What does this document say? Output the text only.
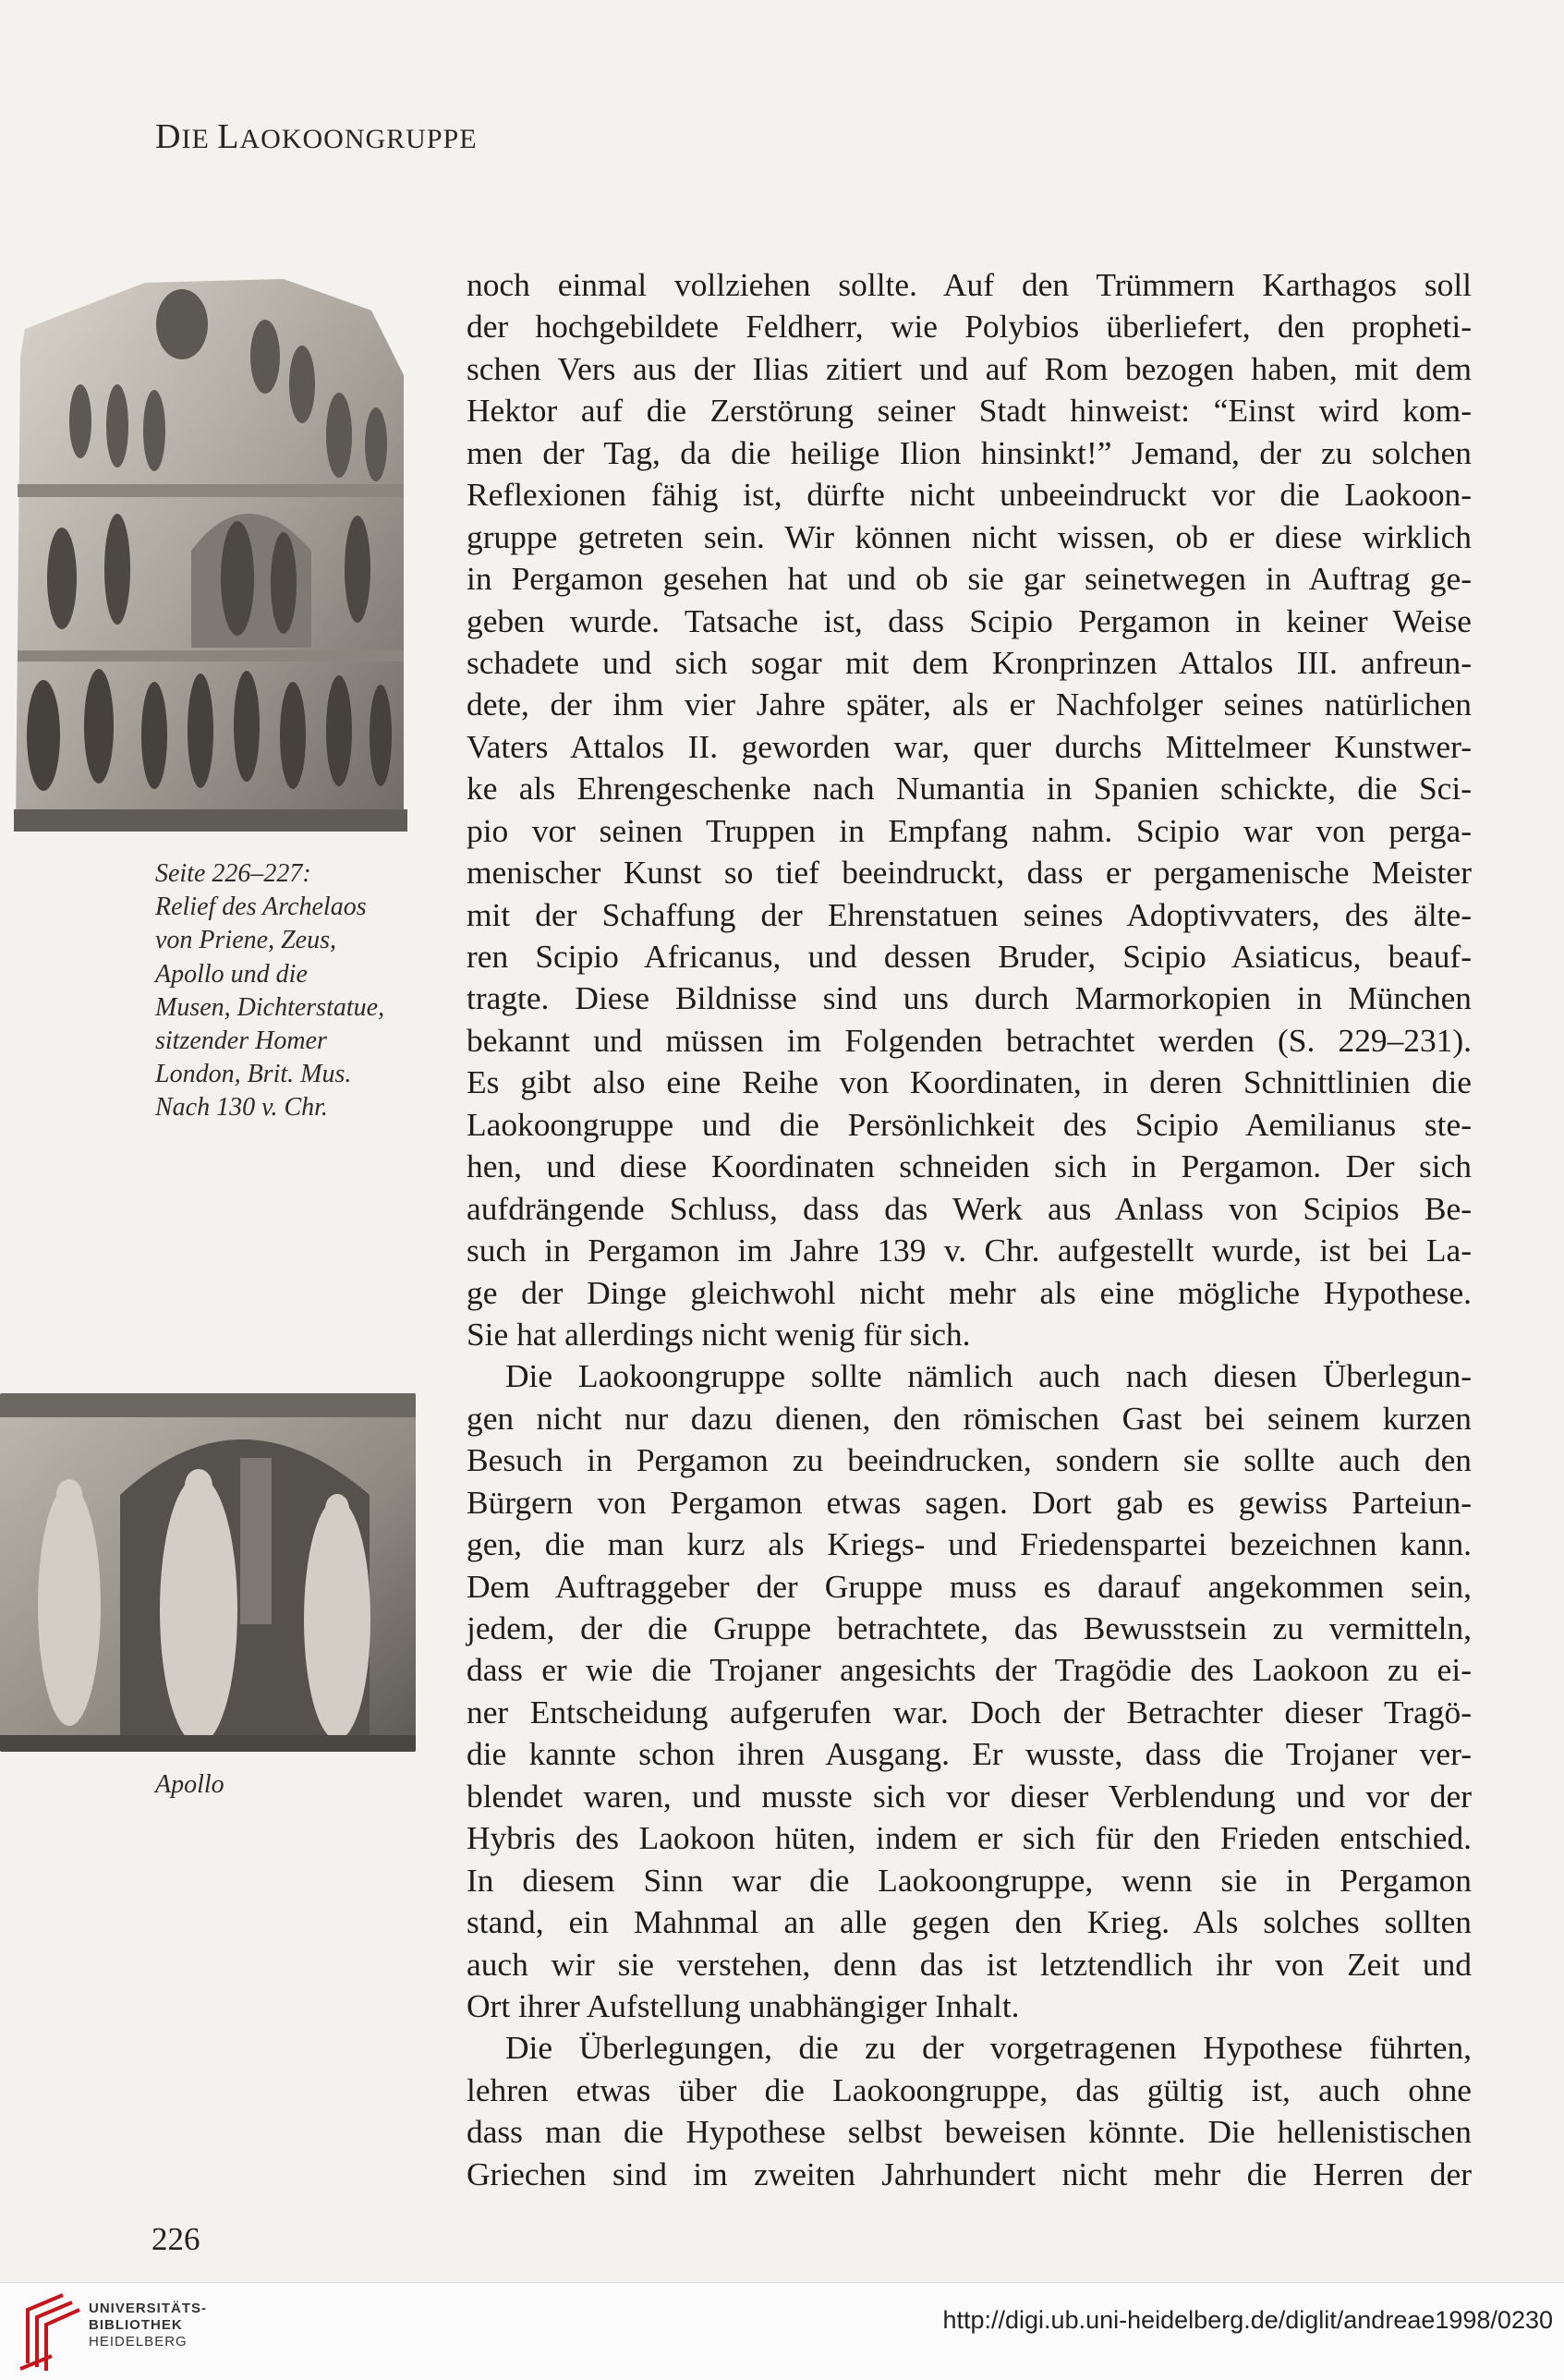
DIE LAOKOONGRUPPE
Seite 226–227:
Relief des Archelaos
von Priene, Zeus,
Apollo und die
Musen, Dichterstatue,
sitzender Homer
London, Brit. Mus.
Nach 130 v. Chr.
Apollo
noch einmal vollziehen sollte. Auf den Trümmern Karthagos soll
der hochgebildete Feldherr, wie Polybios überliefert, den propheti-
schen Vers aus der Ilias zitiert und auf Rom bezogen haben, mit dem
Hektor auf die Zerstörung seiner Stadt hinweist: “Einst wird kom-
men der Tag, da die heilige Ilion hinsinkt!” Jemand, der zu solchen
Reflexionen fähig ist, dürfte nicht unbeeindruckt vor die Laokoon-
gruppe getreten sein. Wir können nicht wissen, ob er diese wirklich
in Pergamon gesehen hat und ob sie gar seinetwegen in Auftrag ge-
geben wurde. Tatsache ist, dass Scipio Pergamon in keiner Weise
schadete und sich sogar mit dem Kronprinzen Attalos III. anfreun-
dete, der ihm vier Jahre später, als er Nachfolger seines natürlichen
Vaters Attalos II. geworden war, quer durchs Mittelmeer Kunstwer-
ke als Ehrengeschenke nach Numantia in Spanien schickte, die Sci-
pio vor seinen Truppen in Empfang nahm. Scipio war von perga-
menischer Kunst so tief beeindruckt, dass er pergamenische Meister
mit der Schaffung der Ehrenstatuen seines Adoptivvaters, des älte-
ren Scipio Africanus, und dessen Bruder, Scipio Asiaticus, beauf-
tragte. Diese Bildnisse sind uns durch Marmorkopien in München
bekannt und müssen im Folgenden betrachtet werden (S. 229–231).
Es gibt also eine Reihe von Koordinaten, in deren Schnittlinien die
Laokoongruppe und die Persönlichkeit des Scipio Aemilianus ste-
hen, und diese Koordinaten schneiden sich in Pergamon. Der sich
aufdrängende Schluss, dass das Werk aus Anlass von Scipios Be-
such in Pergamon im Jahre 139 v. Chr. aufgestellt wurde, ist bei La-
ge der Dinge gleichwohl nicht mehr als eine mögliche Hypothese.
Sie hat allerdings nicht wenig für sich.
Die Laokoongruppe sollte nämlich auch nach diesen Überlegun-
gen nicht nur dazu dienen, den römischen Gast bei seinem kurzen
Besuch in Pergamon zu beeindrucken, sondern sie sollte auch den
Bürgern von Pergamon etwas sagen. Dort gab es gewiss Parteiun-
gen, die man kurz als Kriegs- und Friedenspartei bezeichnen kann.
Dem Auftraggeber der Gruppe muss es darauf angekommen sein,
jedem, der die Gruppe betrachtete, das Bewusstsein zu vermitteln,
dass er wie die Trojaner angesichts der Tragödie des Laokoon zu ei-
ner Entscheidung aufgerufen war. Doch der Betrachter dieser Tragö-
die kannte schon ihren Ausgang. Er wusste, dass die Trojaner ver-
blendet waren, und musste sich vor dieser Verblendung und vor der
Hybris des Laokoon hüten, indem er sich für den Frieden entschied.
In diesem Sinn war die Laokoongruppe, wenn sie in Pergamon
stand, ein Mahnmal an alle gegen den Krieg. Als solches sollten
auch wir sie verstehen, denn das ist letztendlich ihr von Zeit und
Ort ihrer Aufstellung unabhängiger Inhalt.
Die Überlegungen, die zu der vorgetragenen Hypothese führten,
lehren etwas über die Laokoongruppe, das gültig ist, auch ohne
dass man die Hypothese selbst beweisen könnte. Die hellenistischen
Griechen sind im zweiten Jahrhundert nicht mehr die Herren der
226
UNIVERSITÄTS-
BIBLIOTHEK
HEIDELBERG
http://digi.ub.uni-heidelberg.de/diglit/andreae1998/0230
